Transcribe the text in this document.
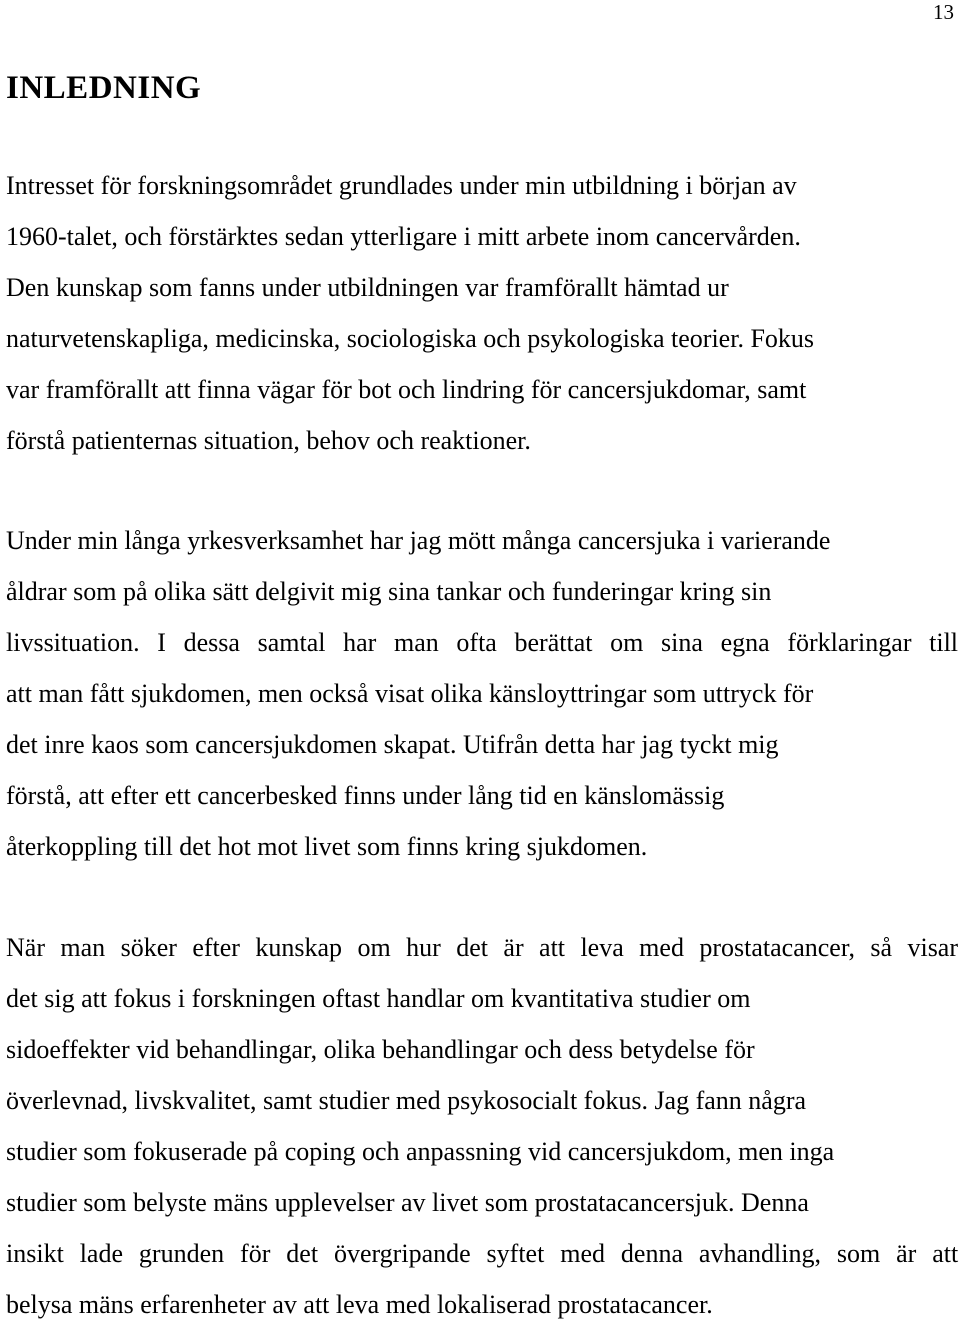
13
INLEDNING

Intresset för forskningsområdet grundlades under min utbildning i början av
1960-talet, och förstärktes sedan ytterligare i mitt arbete inom cancervården.
Den kunskap som fanns under utbildningen var framförallt hämtad ur
naturvetenskapliga, medicinska, sociologiska och psykologiska teorier. Fokus
var framförallt att finna vägar för bot och lindring för cancersjukdomar, samt
förstå patienternas situation, behov och reaktioner.

Under min långa yrkesverksamhet har jag mött många cancersjuka i varierande
åldrar som på olika sätt delgivit mig sina tankar och funderingar kring sin
livssituation. I dessa samtal har man ofta berättat om sina egna förklaringar till
att man fått sjukdomen, men också visat olika känsloyttringar som uttryck för
det inre kaos som cancersjukdomen skapat. Utifrån detta har jag tyckt mig
förstå, att efter ett cancerbesked finns under lång tid en känslomässig
återkoppling till det hot mot livet som finns kring sjukdomen.

När man söker efter kunskap om hur det är att leva med prostatacancer, så visar
det sig att fokus i forskningen oftast handlar om kvantitativa studier om
sidoeffekter vid behandlingar, olika behandlingar och dess betydelse för
överlevnad, livskvalitet, samt studier med psykosocialt fokus. Jag fann några
studier som fokuserade på coping och anpassning vid cancersjukdom, men inga
studier som belyste mäns upplevelser av livet som prostatacancersjuk. Denna
insikt lade grunden för det övergripande syftet med denna avhandling, som är att
belysa mäns erfarenheter av att leva med lokaliserad prostatacancer.
